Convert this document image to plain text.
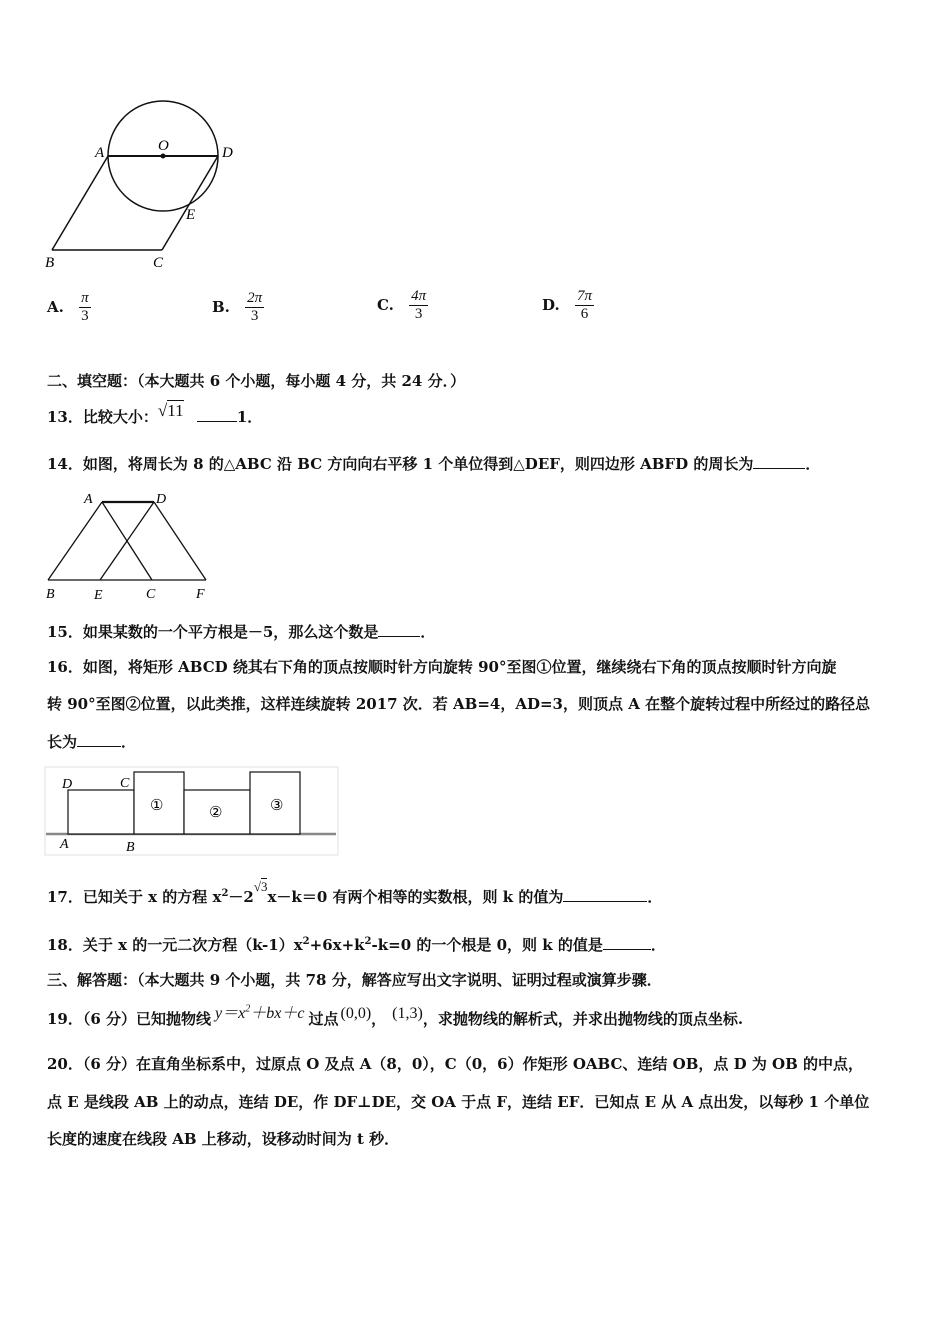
A	O	D
E
B	C
A. $\frac{\pi}{3}$	B. $\frac{2\pi}{3}$	C. $\frac{4\pi}{3}$	D. $\frac{7\pi}{6}$
二、填空题：（本大题共 6 个小题，每小题 4 分，共 24 分．）
13．比较大小：√11	1．
14．如图，将周长为 8 的△ABC 沿 BC 方向向右平移 1 个单位得到△DEF，则四边形 ABFD 的周长为	．
A	D
B	E	C	F
15．如果某数的一个平方根是－5，那么这个数是	．
16．如图，将矩形 ABCD 绕其右下角的顶点按顺时针方向旋转 90°至图①位置，继续绕右下角的顶点按顺时针方向旋
转 90°至图②位置，以此类推，这样连续旋转 2017 次．若 AB=4，AD=3，则顶点 A 在整个旋转过程中所经过的路径总
长为	．
D	C
A	B
①	②	③
17．已知关于 x 的方程 $x^2-2√3x-k=0$ 有两个相等的实数根，则 k 的值为	．
18．关于 x 的一元二次方程$(k-1)x^2+6x+k^2-k=0$ 的一个根是 0，则 k 的值是	．
三、解答题：（本大题共 9 个小题，共 78 分，解答应写出文字说明、证明过程或演算步骤．
19．（6 分）已知抛物线 $y=x^2+bx+c$ 过点 (0,0)， (1,3)，求抛物线的解析式，并求出抛物线的顶点坐标.
20．（6 分）在直角坐标系中，过原点 O 及点 A（8，0），C（0，6）作矩形 OABC、连结 OB，点 D 为 OB 的中点，
点 E 是线段 AB 上的动点，连结 DE，作 DF⊥DE，交 OA 于点 F，连结 EF．已知点 E 从 A 点出发，以每秒 1 个单位
长度的速度在线段 AB 上移动，设移动时间为 t 秒．
